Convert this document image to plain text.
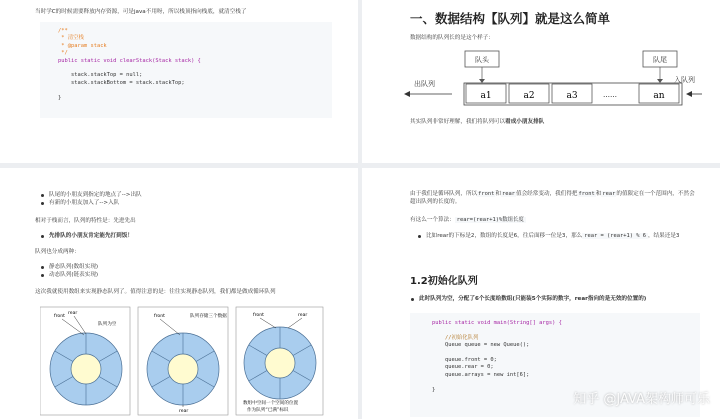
当时学C的时候需要释放内存资源，可是java不用呀，所以栈顶指向栈底，就清空栈了
/**
* 清空栈
* @param stack
*/
public static void clearStack(Stack stack) {

stack.stackTop = null;
stack.stackBottom = stack.stackTop;

}
一、数据结构【队列】就是这么简单
数据结构的队列长的是这个样子：
队头	队尾
a1	a2	a3	……	an
出队列	入队列
其实队列非常好理解，我们将队列可以看成小朋友排队
队尾的小朋友到指定的地点了-->出队
有新的小朋友加入了-->入队
相对于栈而言，队列的特性是：先进先出
先排队的小朋友肯定能先打到饭！
队列也分成两种：
静态队列(数组实现)
动态队列(链表实现)
这次我就使用数组来实现静态队列了。值得注意的是：往往实现静态队列，我们都是做成循环队列
front
rear
队列为空
front	队列存储三个数据
rear
front	rear
数组中空间一个空间的位置
作为队列“已满”标识
由于我们是循环队列，所以front和rear值会经常变动，我们得把front和rear的值限定在一个范围内，不然会超出队列的长度的。
有这么一个算法： rear=(rear+1)%数组长度
比如rear的下标是2，数组的长度是6，往后面移一位是3，那么 rear = (rear+1) % 6 ，结果还是3
1.2初始化队列
此时队列为空，分配了6个长度给数组(只能装5个实际的数字，rear指向的是无效的位置的)
public static void main(String[] args) {

//初始化队列
Queue queue = new Queue();

queue.front = 0;
queue.rear = 0;
queue.arrays = new int[6];

}
知乎 @JAVA架构师可乐
